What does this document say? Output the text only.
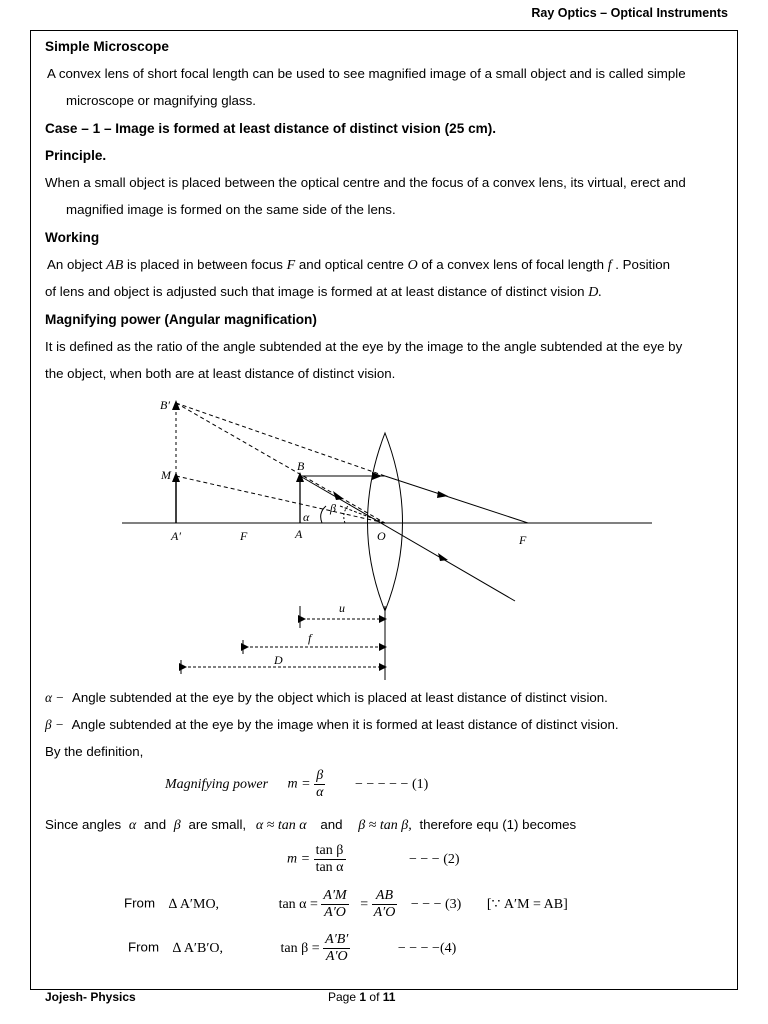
Ray Optics – Optical Instruments
Simple Microscope
A convex lens of short focal length can be used to see magnified image of a small object and is called simple
microscope or magnifying glass.
Case – 1 – Image is formed at least distance of distinct vision (25 cm).
Principle.
When a small object is placed between the optical centre and the focus of a convex lens, its virtual, erect and
magnified image is formed on the same side of the lens.
Working
An object AB is placed in between focus F and optical centre O of a convex lens of focal length f . Position
of lens and object is adjusted such that image is formed at at least distance of distinct vision D.
Magnifying power (Angular magnification)
It is defined as the ratio of the angle subtended at the eye by the image to the angle subtended at the eye by
the object, when both are at least distance of distinct vision.
B′
M
B
α
β
A′	F	A	O	F
u
f
D
α − Angle subtended at the eye by the object which is placed at least distance of distinct vision.
β − Angle subtended at the eye by the image when it is formed at least distance of distinct vision.
By the definition,
Magnifying power $m = \frac{\beta}{\alpha}$ − − − − − (1)
Since angles α and β are small, α ≈ tan α and β ≈ tan β, therefore equ (1) becomes
$m = \frac{\text{tan β}}{\text{tan α}}$	− − − (2)
From ∆ A′MO,	$\tan \alpha = \frac{A'M}{A'O} = \frac{AB}{A'O}$ − − − (3) [∵ A′M = AB]
From ∆ A′B′O,	$\tan \beta = \frac{A'B'}{A'O}$	− − − −(4)
Jojesh- Physics	Page 1 of 11
